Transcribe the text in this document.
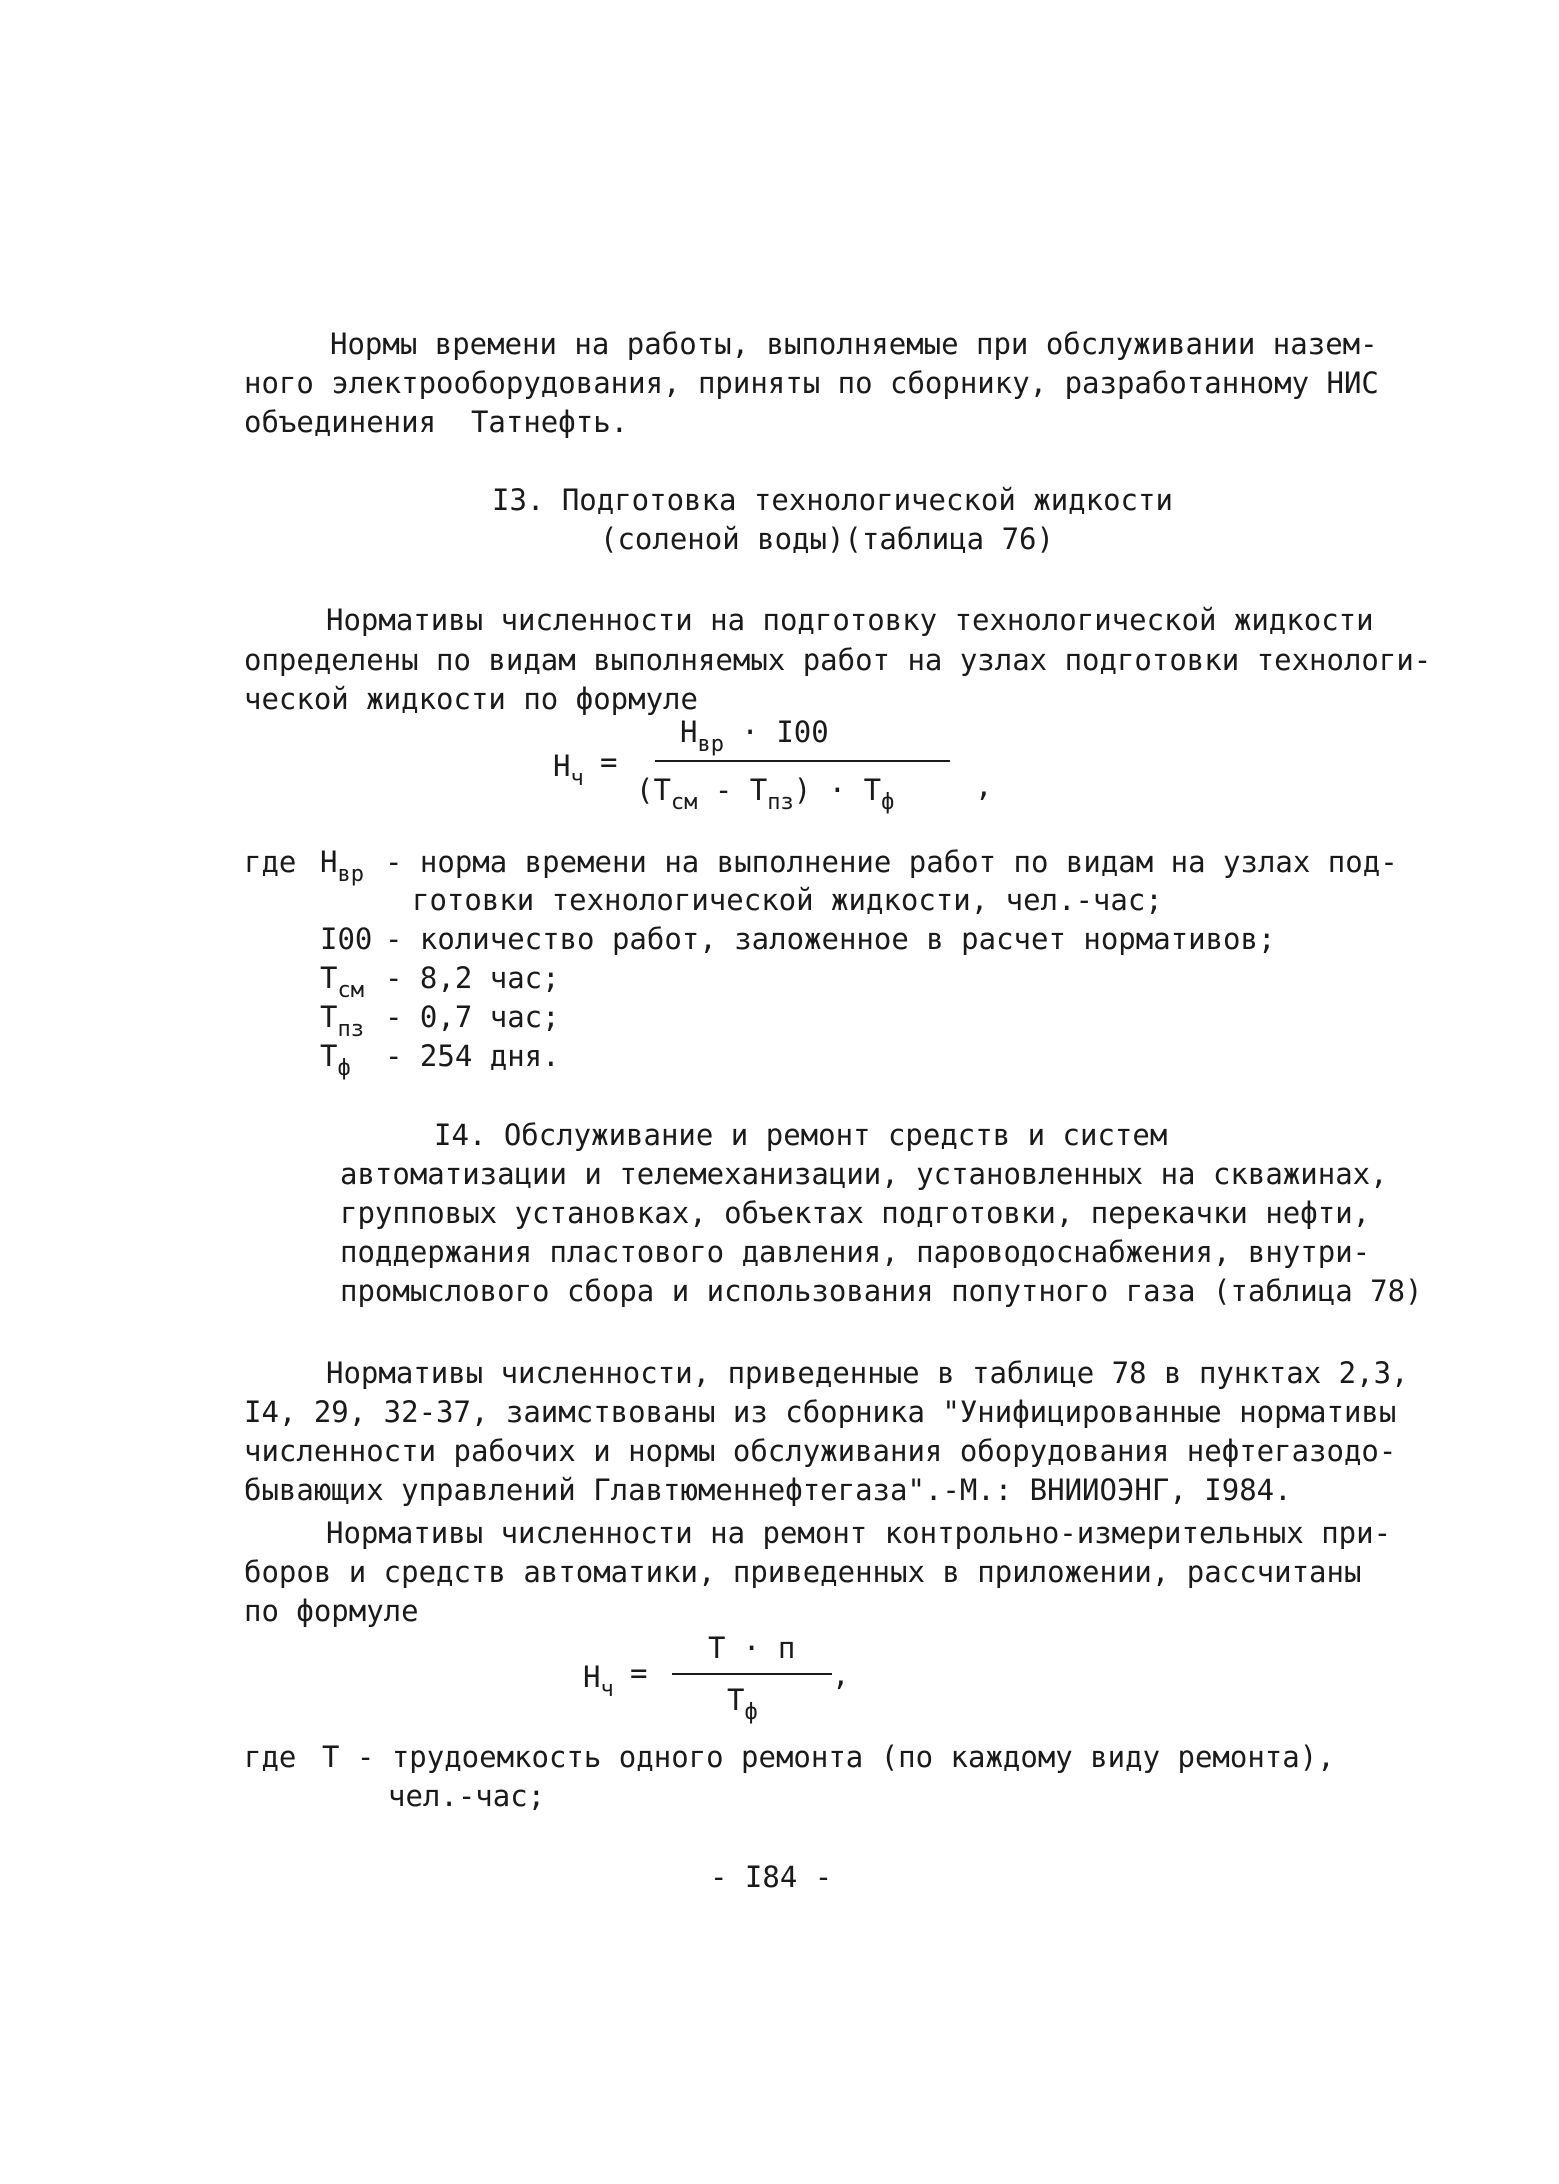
Нормы времени на работы, выполняемые при обслуживании назем-
ного электрооборудования, приняты по сборнику, разработанному НИС
объединения  Татнефть.
I3. Подготовка технологической жидкости
(соленой воды)(таблица 76)
Нормативы численности на подготовку технологической жидкости
определены по видам выполняемых работ на узлах подготовки технологи-
ческой жидкости по формуле
$Н_ч$ =
$Н_{вр} \cdot I00$
$(Т_{см} - Т_{пз}) \cdot Т_ф$	,
где $Н_{вр}$ - норма времени на выполнение работ по видам на узлах под-
готовки технологической жидкости, чел.-час;
I00 - количество работ, заложенное в расчет нормативов;
$Т_{см} - 8,2$ час;
$Т_{пз} - 0,7$ час;
$Т_ф - 254$ дня.
I4. Обслуживание и ремонт средств и систем
автоматизации и телемеханизации, установленных на скважинах,
групповых установках, объектах подготовки, перекачки нефти,
поддержания пластового давления, пароводоснабжения, внутри-
промыслового сбора и использования попутного газа (таблица 78)
Нормативы численности, приведенные в таблице 78 в пунктах 2,3,
I4, 29, 32-37, заимствованы из сборника "Унифицированные нормативы
численности рабочих и нормы обслуживания оборудования нефтегазодо-
бывающих управлений Главтюменнефтегаза".-М.: ВНИИОЭНГ, I984.
Нормативы численности на ремонт контрольно-измерительных при-
боров и средств автоматики, приведенных в приложении, рассчитаны
по формуле
$Н_ч$ =
Т · п
$Т_ф$
,
где Т - трудоемкость одного ремонта (по каждому виду ремонта),
чел.-час;
- I84 -
